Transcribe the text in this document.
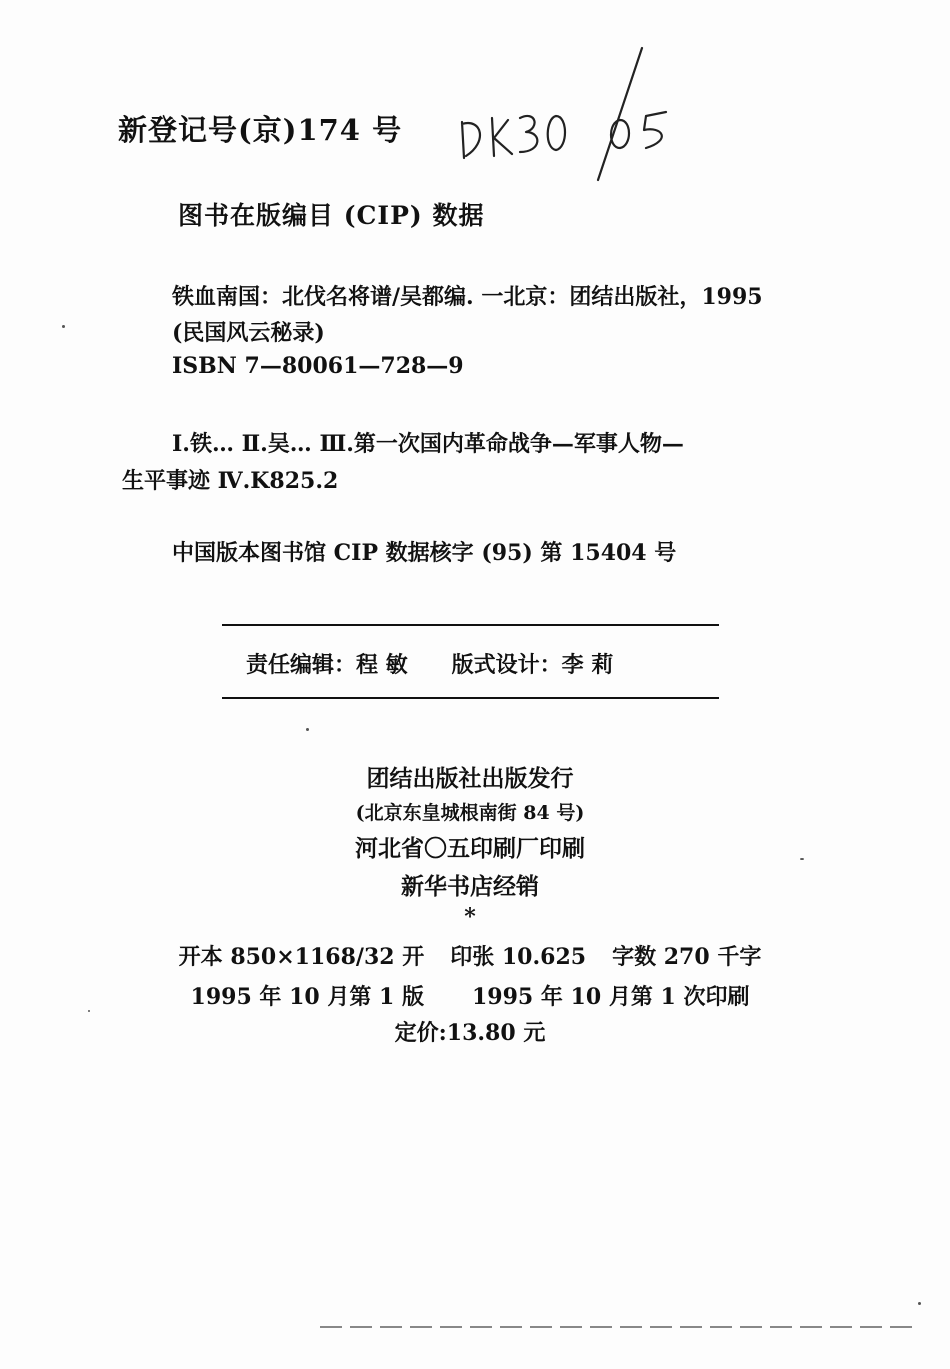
新登记号(京)174 号
图书在版编目 (CIP) 数据
铁血南国：北伐名将谱/吴都编. 一北京：团结出版社，1995
(民国风云秘录)
ISBN 7—80061—728—9
Ⅰ.铁… Ⅱ.吴… Ⅲ.第一次国内革命战争—军事人物—
生平事迹 Ⅳ.K825.2
中国版本图书馆 CIP 数据核字 (95) 第 15404 号
责任编辑：程 敏 版式设计：李 莉
团结出版社出版发行
(北京东皇城根南街 84 号)
河北省〇五印刷厂印刷
新华书店经销
*
开本 850×1168/32 开 印张 10.625 字数 270 千字
1995 年 10 月第 1 版 1995 年 10 月第 1 次印刷
定价:13.80 元
